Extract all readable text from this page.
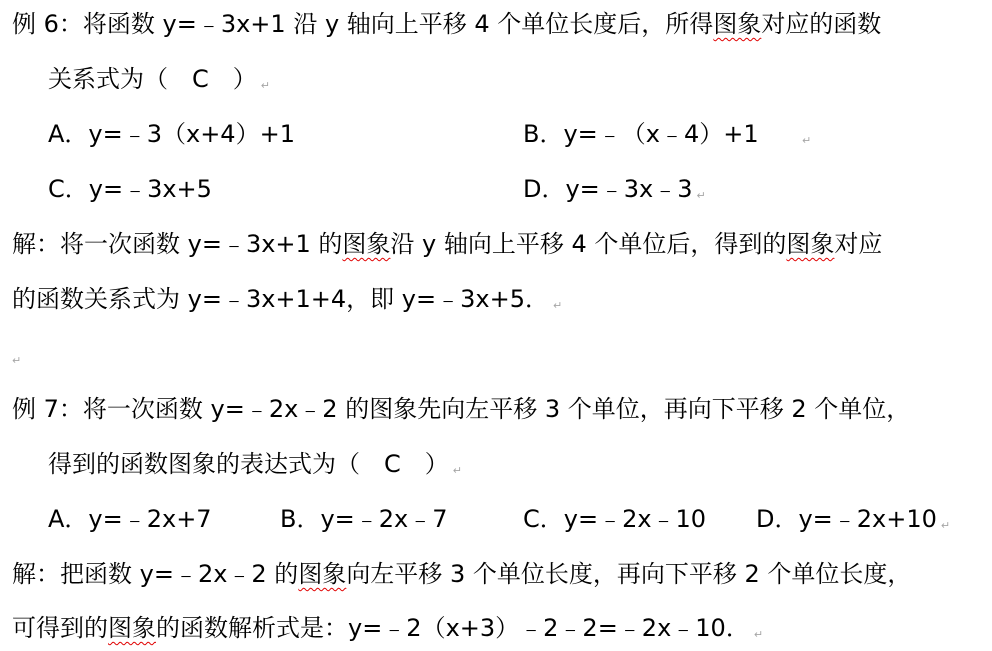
例 6：将函数 y=﹣3x+1 沿 y 轴向上平移 4 个单位长度后，所得图象对应的函数
关系式为（　C　） ↵
A．y=﹣3（x+4）+1	B．y=﹣（x﹣4）+1	↵
C．y=﹣3x+5	D．y=﹣3x﹣3 ↵
解：将一次函数 y=﹣3x+1 的图象沿 y 轴向上平移 4 个单位后，得到的图象对应
的函数关系式为 y=﹣3x+1+4，即 y=﹣3x+5． ↵
↵
例 7：将一次函数 y=﹣2x﹣2 的图象先向左平移 3 个单位，再向下平移 2 个单位，
得到的函数图象的表达式为（　C　） ↵
A．y=﹣2x+7	B．y=﹣2x﹣7	C．y=﹣2x﹣10 D．y=﹣2x+10 ↵
解：把函数 y=﹣2x﹣2 的图象向左平移 3 个单位长度，再向下平移 2 个单位长度，
可得到的图象的函数解析式是：y=﹣2（x+3）﹣2﹣2=﹣2x﹣10． ↵
